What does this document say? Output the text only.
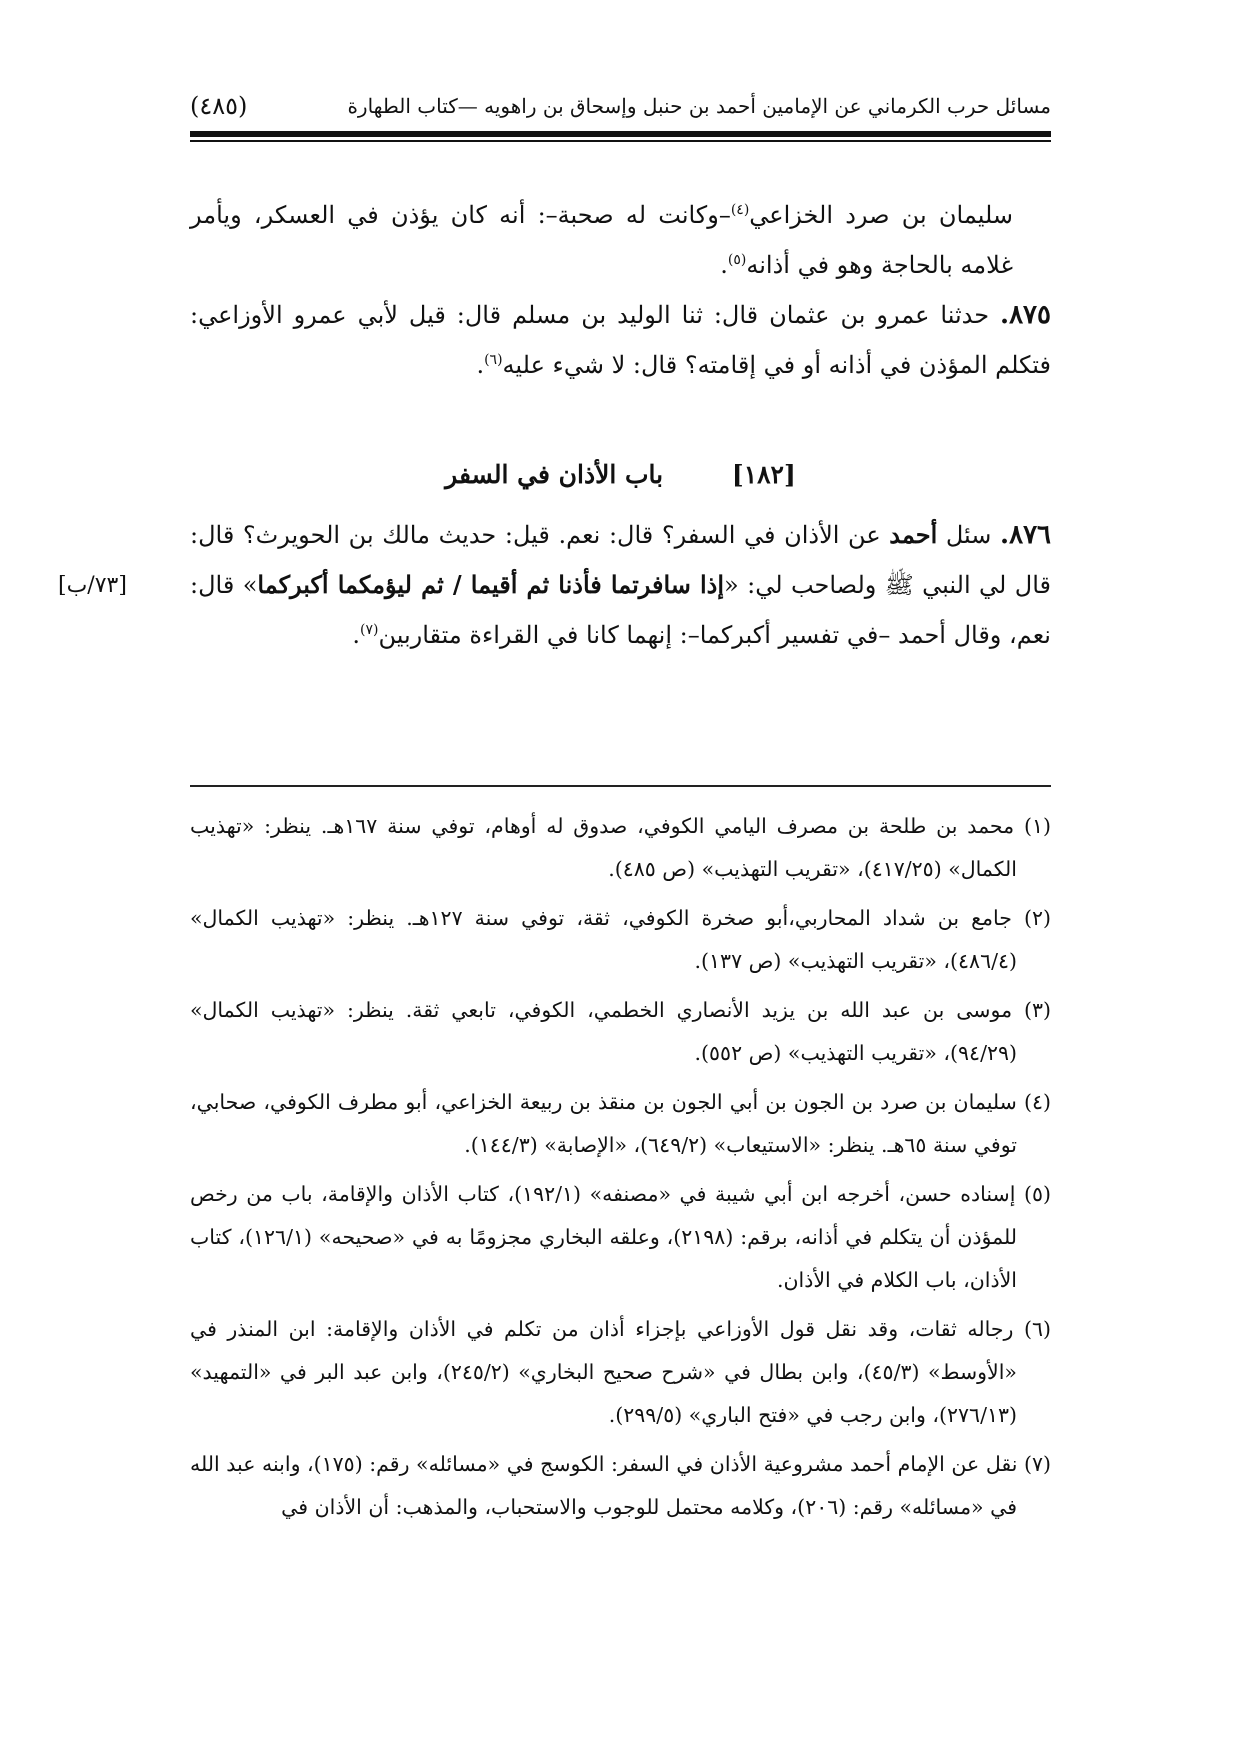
مسائل حرب الكرماني عن الإمامين أحمد بن حنبل وإسحاق بن راهويه —كتاب الطهارة
(٤٨٥)

سليمان بن صرد الخزاعي$^{(٤)}$–وكانت له صحبة–: أنه كان يؤذن في العسكر، ويأمر غلامه بالحاجة وهو في أذانه$^{(٥)}$.

٨٧٥. حدثنا عمرو بن عثمان قال: ثنا الوليد بن مسلم قال: قيل لأبي عمرو الأوزاعي: فتكلم المؤذن في أذانه أو في إقامته؟ قال: لا شيء عليه$^{(٦)}$.

[١٨٢] باب الأذان في السفر

٨٧٦. سئل أحمد عن الأذان في السفر؟ قال: نعم. قيل: حديث مالك بن الحويرث؟ قال: قال لي النبي ﷺ ولصاحب لي: «إذا سافرتما فأذنا ثم أقيما / ثم ليؤمكما أكبركما» قال: نعم، وقال أحمد –في تفسير أكبركما–: إنهما كانا في القراءة متقاربين$^{(٧)}$.

[٧٣/ب]

(١) محمد بن طلحة بن مصرف اليامي الكوفي، صدوق له أوهام، توفي سنة ١٦٧هـ. ينظر: «تهذيب الكمال» (٤١٧/٢٥)، «تقريب التهذيب» (ص ٤٨٥).

(٢) جامع بن شداد المحاربي،أبو صخرة الكوفي، ثقة، توفي سنة ١٢٧هـ. ينظر: «تهذيب الكمال» (٤٨٦/٤)، «تقريب التهذيب» (ص ١٣٧).

(٣) موسى بن عبد الله بن يزيد الأنصاري الخطمي، الكوفي، تابعي ثقة. ينظر: «تهذيب الكمال» (٩٤/٢٩)، «تقريب التهذيب» (ص ٥٥٢).

(٤) سليمان بن صرد بن الجون بن أبي الجون بن منقذ بن ربيعة الخزاعي، أبو مطرف الكوفي، صحابي، توفي سنة ٦٥هـ. ينظر: «الاستيعاب» (٦٤٩/٢)، «الإصابة» (١٤٤/٣).

(٥) إسناده حسن، أخرجه ابن أبي شيبة في «مصنفه» (١٩٢/١)، كتاب الأذان والإقامة، باب من رخص للمؤذن أن يتكلم في أذانه، برقم: (٢١٩٨)، وعلقه البخاري مجزومًا به في «صحيحه» (١٢٦/١)، كتاب الأذان، باب الكلام في الأذان.

(٦) رجاله ثقات، وقد نقل قول الأوزاعي بإجزاء أذان من تكلم في الأذان والإقامة: ابن المنذر في «الأوسط» (٤٥/٣)، وابن بطال في «شرح صحيح البخاري» (٢٤٥/٢)، وابن عبد البر في «التمهيد» (٢٧٦/١٣)، وابن رجب في «فتح الباري» (٢٩٩/٥).

(٧) نقل عن الإمام أحمد مشروعية الأذان في السفر: الكوسج في «مسائله» رقم: (١٧٥)، وابنه عبد الله في «مسائله» رقم: (٢٠٦)، وكلامه محتمل للوجوب والاستحباب، والمذهب: أن الأذان في
